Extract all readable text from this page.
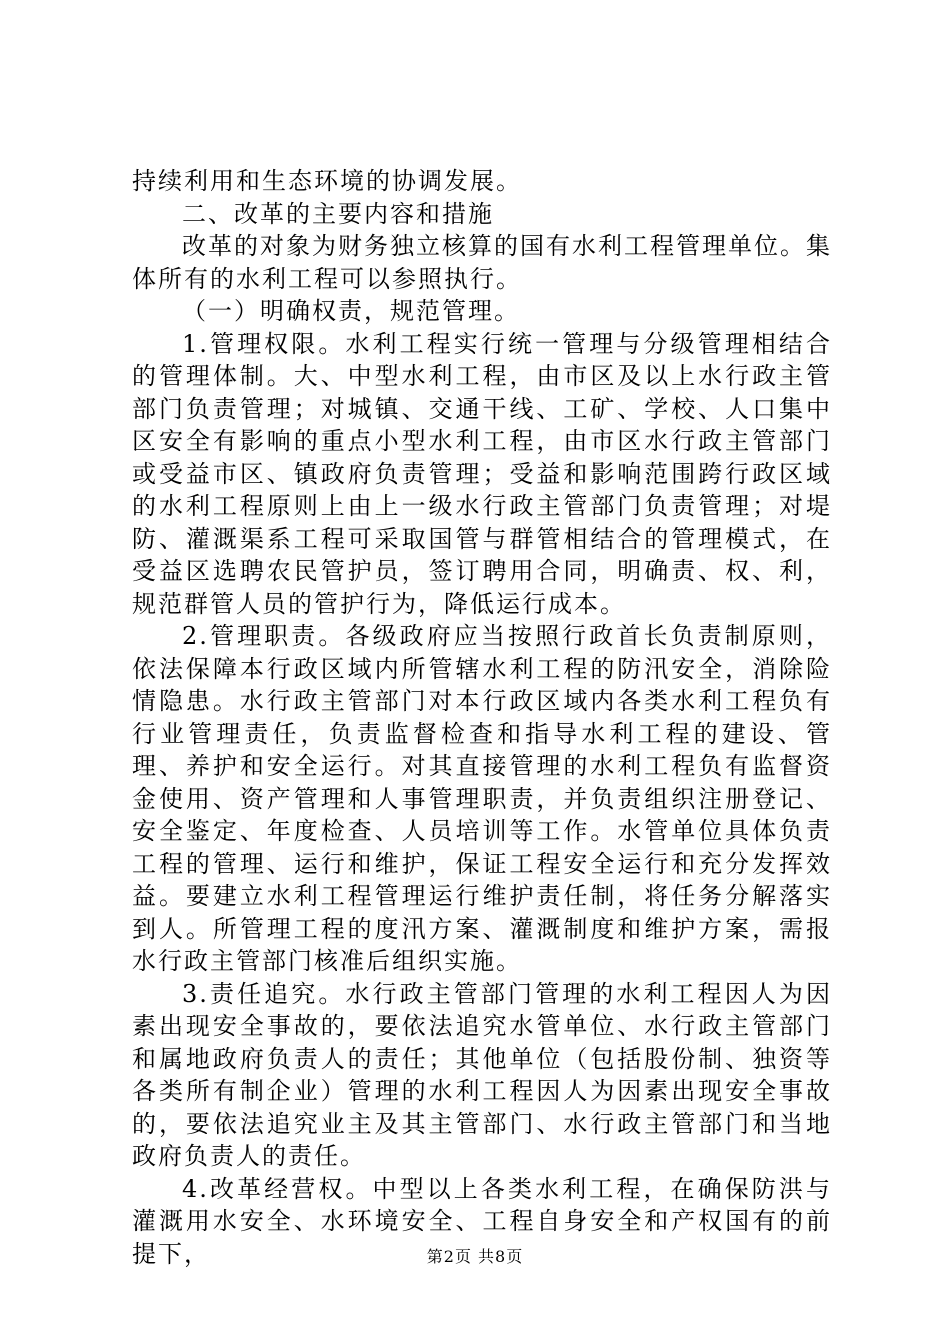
持续利用和生态环境的协调发展。

二、改革的主要内容和措施

改革的对象为财务独立核算的国有水利工程管理单位。集体所有的水利工程可以参照执行。

（一）明确权责，规范管理。

1.管理权限。水利工程实行统一管理与分级管理相结合的管理体制。大、中型水利工程，由市区及以上水行政主管部门负责管理；对城镇、交通干线、工矿、学校、人口集中区安全有影响的重点小型水利工程，由市区水行政主管部门或受益市区、镇政府负责管理；受益和影响范围跨行政区域的水利工程原则上由上一级水行政主管部门负责管理；对堤防、灌溉渠系工程可采取国管与群管相结合的管理模式，在受益区选聘农民管护员，签订聘用合同，明确责、权、利，规范群管人员的管护行为，降低运行成本。

2.管理职责。各级政府应当按照行政首长负责制原则，依法保障本行政区域内所管辖水利工程的防汛安全，消除险情隐患。水行政主管部门对本行政区域内各类水利工程负有行业管理责任，负责监督检查和指导水利工程的建设、管理、养护和安全运行。对其直接管理的水利工程负有监督资金使用、资产管理和人事管理职责，并负责组织注册登记、安全鉴定、年度检查、人员培训等工作。水管单位具体负责工程的管理、运行和维护，保证工程安全运行和充分发挥效益。要建立水利工程管理运行维护责任制，将任务分解落实到人。所管理工程的度汛方案、灌溉制度和维护方案，需报水行政主管部门核准后组织实施。

3.责任追究。水行政主管部门管理的水利工程因人为因素出现安全事故的，要依法追究水管单位、水行政主管部门和属地政府负责人的责任；其他单位（包括股份制、独资等各类所有制企业）管理的水利工程因人为因素出现安全事故的，要依法追究业主及其主管部门、水行政主管部门和当地政府负责人的责任。

4.改革经营权。中型以上各类水利工程，在确保防洪与灌溉用水安全、水环境安全、工程自身安全和产权国有的前提下，	第2页 共8页
